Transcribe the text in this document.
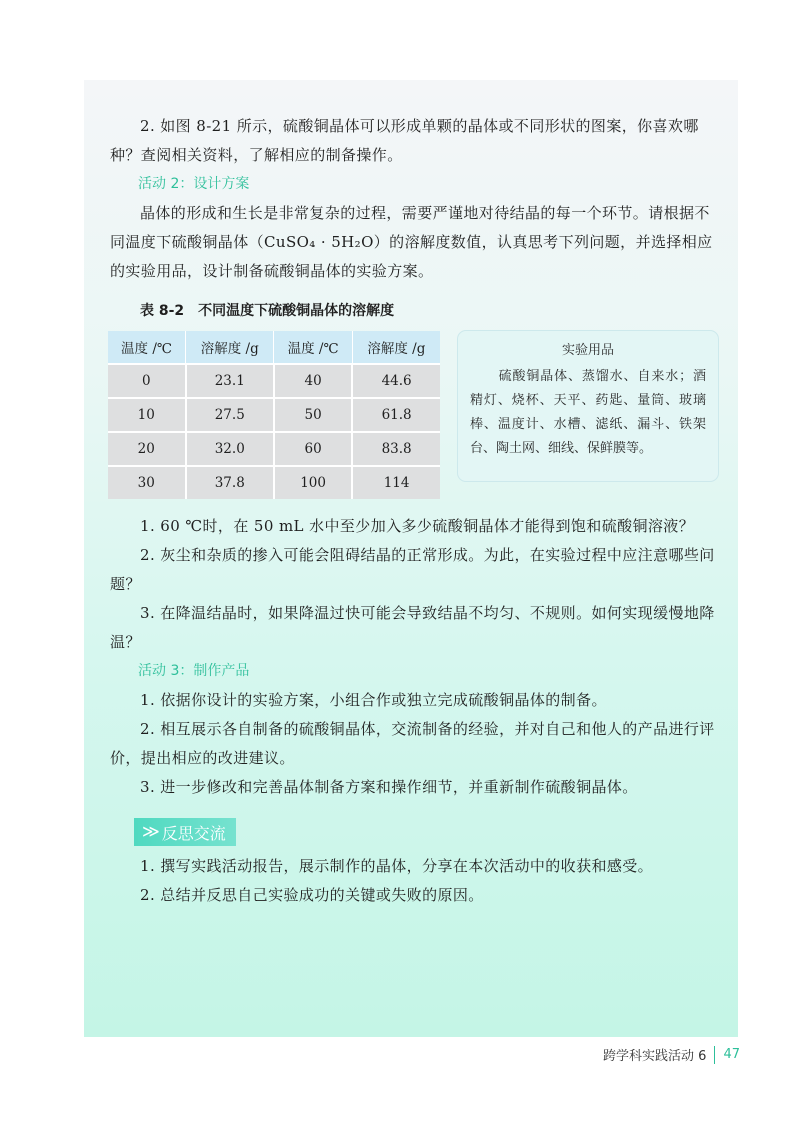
2. 如图 8-21 所示，硫酸铜晶体可以形成单颗的晶体或不同形状的图案，你喜欢哪种？查阅相关资料，了解相应的制备操作。

活动 2：设计方案

晶体的形成和生长是非常复杂的过程，需要严谨地对待结晶的每一个环节。请根据不同温度下硫酸铜晶体（CuSO₄ · 5H₂O）的溶解度数值，认真思考下列问题，并选择相应的实验用品，设计制备硫酸铜晶体的实验方案。

表 8-2 不同温度下硫酸铜晶体的溶解度
温度 /℃	溶解度 /g	温度 /℃	溶解度 /g
0	23.1	40	44.6
10	27.5	50	61.8
20	32.0	60	83.8
30	37.8	100	114
实验用品

硫酸铜晶体、蒸馏水、自来水；酒精灯、烧杯、天平、药匙、量筒、玻璃棒、温度计、水槽、滤纸、漏斗、铁架台、陶土网、细线、保鲜膜等。

1. 60 ℃时，在 50 mL 水中至少加入多少硫酸铜晶体才能得到饱和硫酸铜溶液？

2. 灰尘和杂质的掺入可能会阻碍结晶的正常形成。为此，在实验过程中应注意哪些问题？

3. 在降温结晶时，如果降温过快可能会导致结晶不均匀、不规则。如何实现缓慢地降温？

活动 3：制作产品

1. 依据你设计的实验方案，小组合作或独立完成硫酸铜晶体的制备。

2. 相互展示各自制备的硫酸铜晶体，交流制备的经验，并对自己和他人的产品进行评价，提出相应的改进建议。

3. 进一步修改和完善晶体制备方案和操作细节，并重新制作硫酸铜晶体。

≫ 反思交流

1. 撰写实践活动报告，展示制作的晶体，分享在本次活动中的收获和感受。

2. 总结并反思自己实验成功的关键或失败的原因。

跨学科实践活动 6 47
